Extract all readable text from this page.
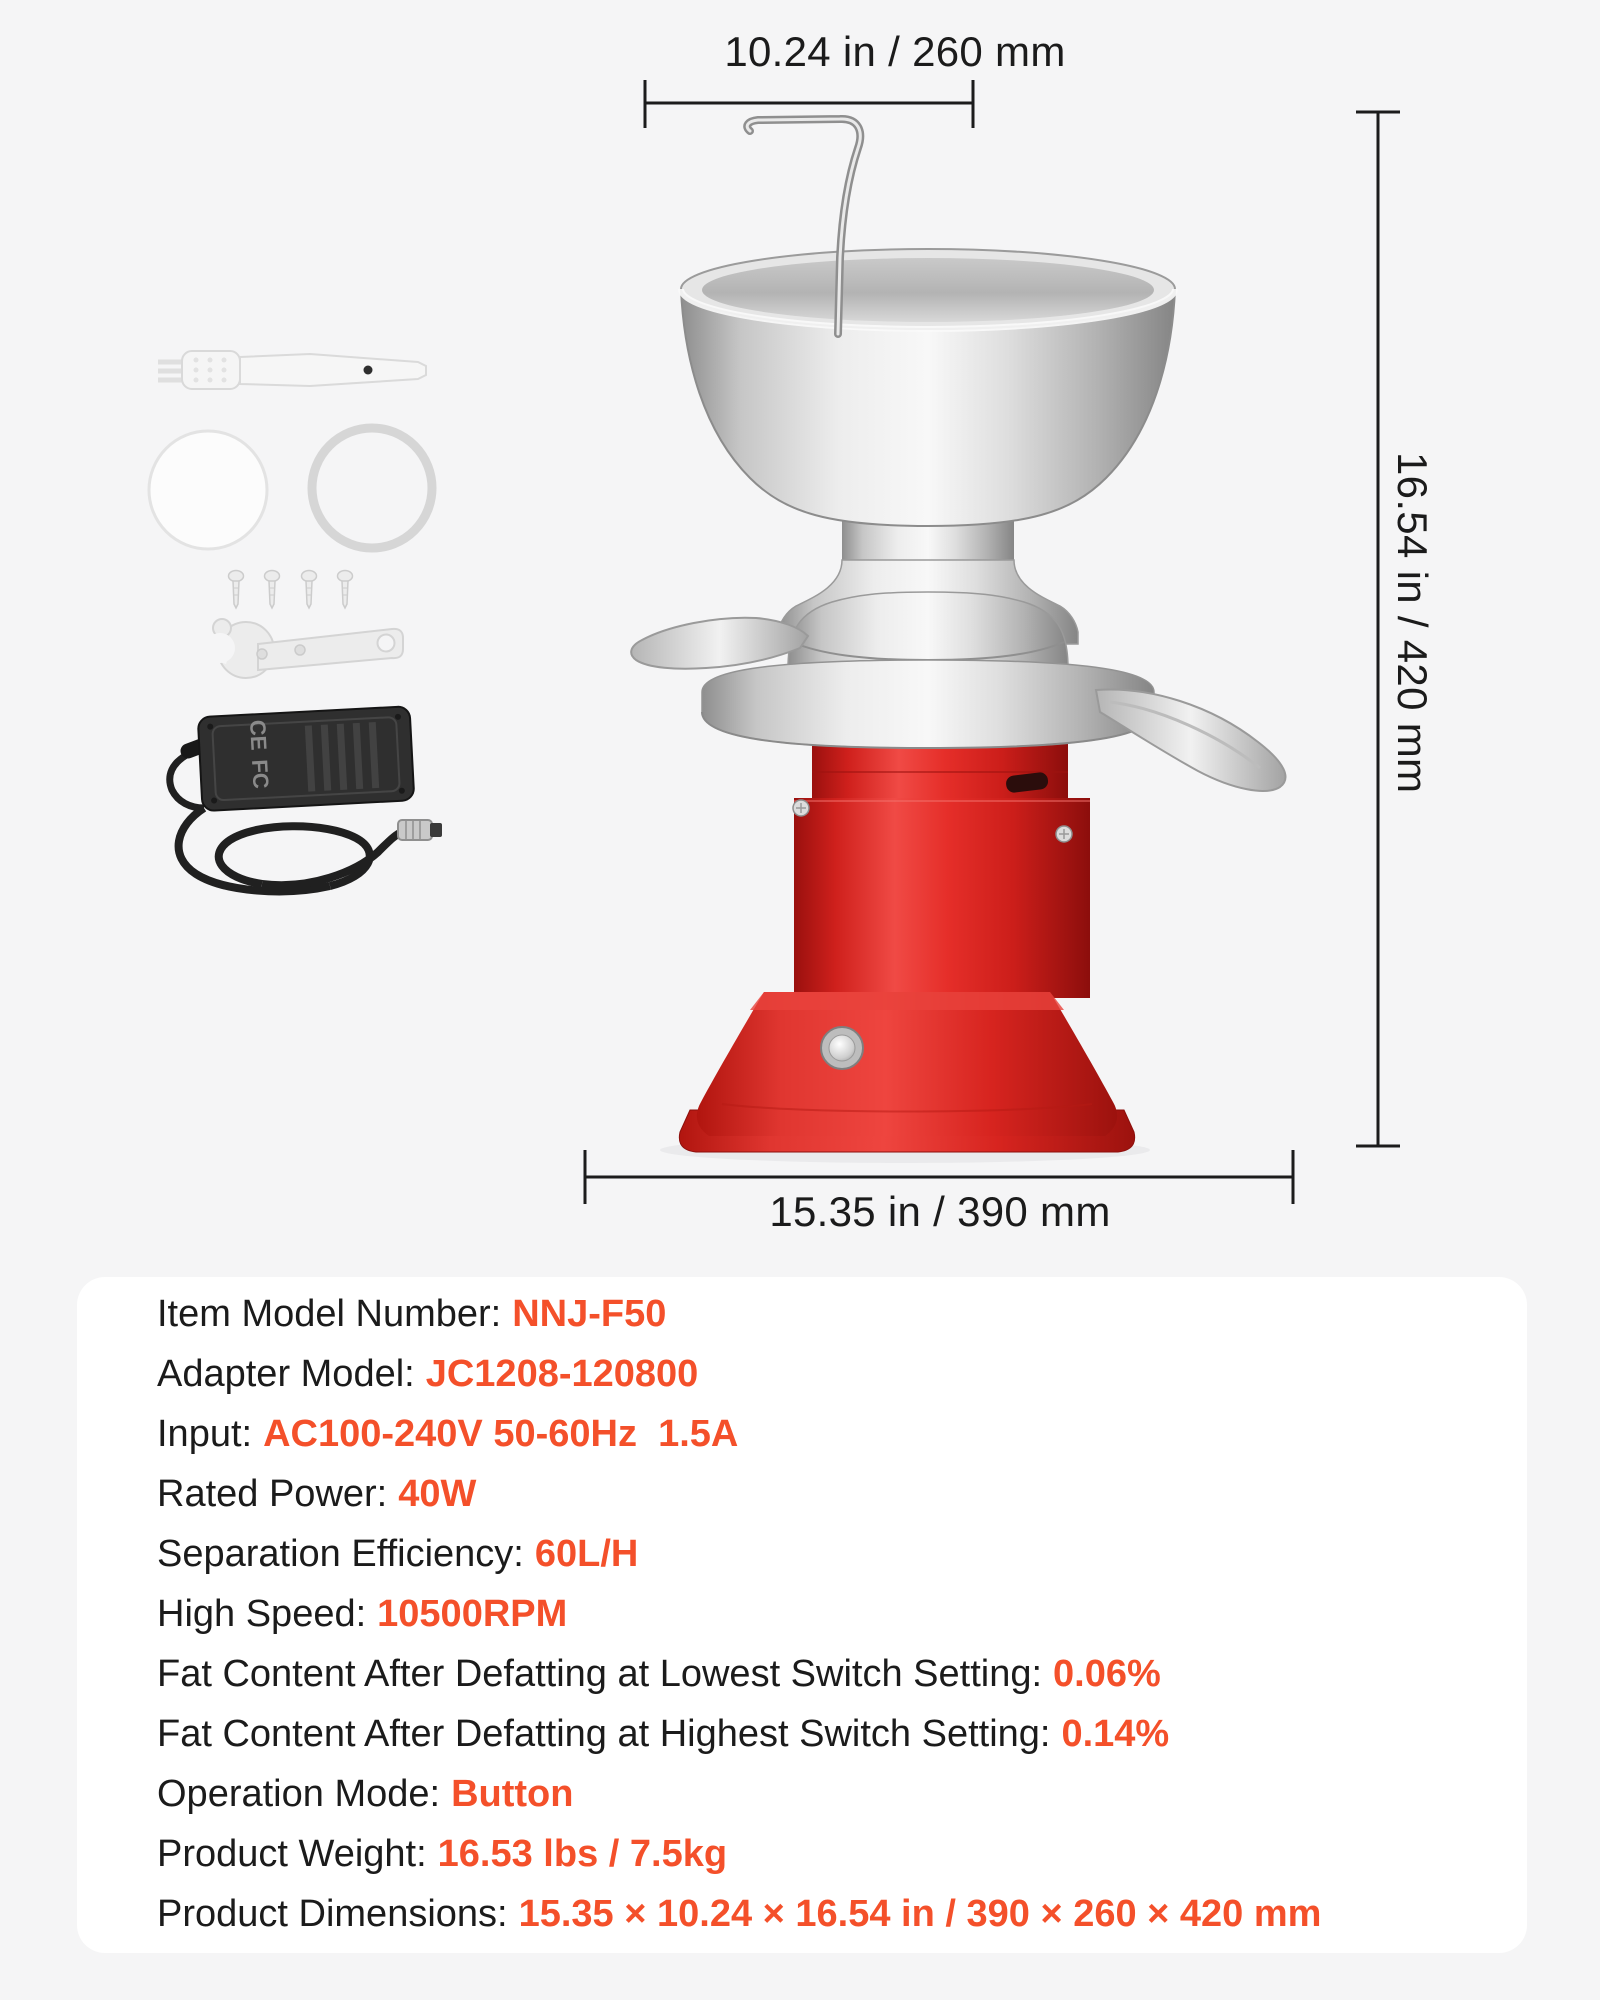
CE
FC
10.24 in / 260 mm
16.54 in / 420 mm
15.35 in / 390 mm
Item Model Number: NNJ-F50
Adapter Model: JC1208-120800
Input: AC100-240V 50-60Hz  1.5A
Rated Power: 40W
Separation Efficiency: 60L/H
High Speed: 10500RPM
Fat Content After Defatting at Lowest Switch Setting: 0.06%
Fat Content After Defatting at Highest Switch Setting: 0.14%
Operation Mode: Button
Product Weight: 16.53 lbs / 7.5kg
Product Dimensions: 15.35 × 10.24 × 16.54 in / 390 × 260 × 420 mm
